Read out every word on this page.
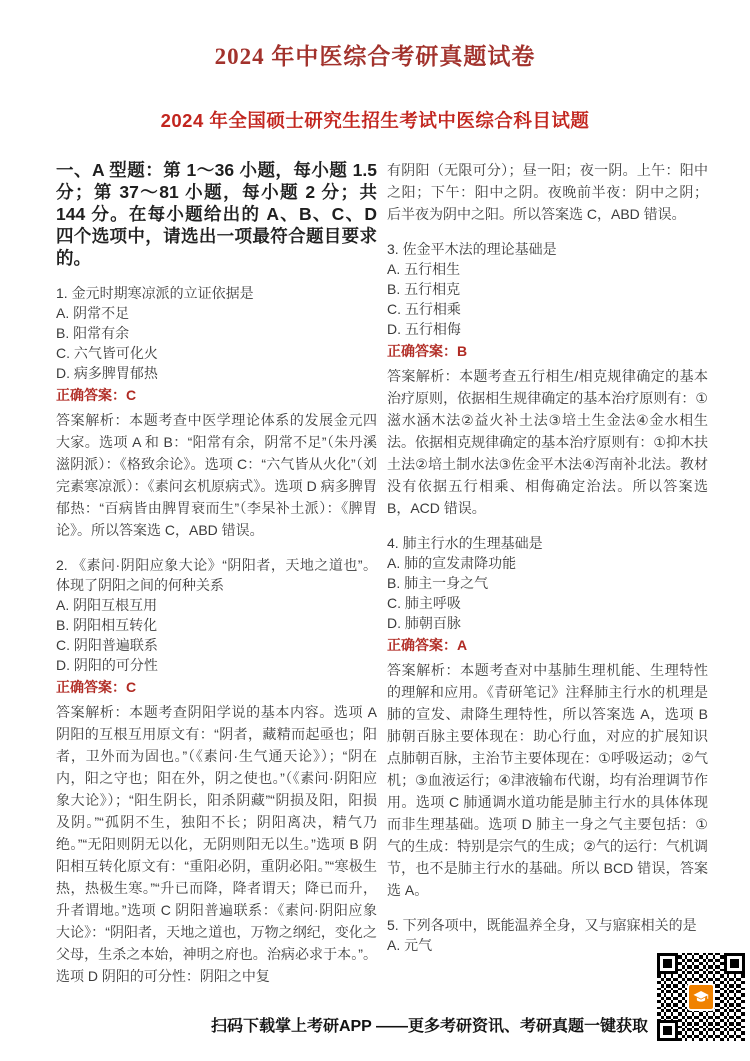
2024 年中医综合考研真题试卷
2024 年全国硕士研究生招生考试中医综合科目试题

一、A 型题：第 1～36 小题，每小题 1.5 分；第 37～81 小题，每小题 2 分；共 144 分。在每小题给出的 A、B、C、D 四个选项中，请选出一项最符合题目要求的。

1. 金元时期寒凉派的立证依据是

A. 阴常不足

B. 阳常有余

C. 六气皆可化火

D. 病多脾胃郁热

正确答案：C

答案解析：本题考查中医学理论体系的发展金元四大家。选项 A 和 B：“阳常有余，阴常不足”（朱丹溪滋阴派）：《格致余论》。选项 C：“六气皆从火化”（刘完素寒凉派）：《素问玄机原病式》。选项 D 病多脾胃郁热：“百病皆由脾胃衰而生”（李杲补土派）：《脾胃论》。所以答案选 C，ABD 错误。

2. 《素问·阴阳应象大论》“阴阳者，天地之道也”。体现了阴阳之间的何种关系

A. 阴阳互根互用

B. 阴阳相互转化

C. 阴阳普遍联系

D. 阴阳的可分性

正确答案：C

答案解析：本题考查阴阳学说的基本内容。选项 A 阴阳的互根互用原文有：“阴者，藏精而起亟也；阳者，卫外而为固也。”（《素问·生气通天论》）；“阴在内，阳之守也；阳在外，阴之使也。”（《素问·阴阳应象大论》）；“阳生阴长，阳杀阴藏”“阴损及阳，阳损及阴。”“孤阴不生，独阳不长；阴阳离决，精气乃绝。”“无阳则阴无以化，无阴则阳无以生。”选项 B 阴阳相互转化原文有：“重阳必阴，重阴必阳。”“寒极生热，热极生寒。”“升已而降，降者谓天；降已而升，升者谓地。”选项 C 阴阳普遍联系：《素问·阴阳应象大论》：“阴阳者，天地之道也，万物之纲纪，变化之父母，生杀之本始，神明之府也。治病必求于本。”。选项 D 阴阳的可分性：阴阳之中复

有阴阳（无限可分）；昼一阳；夜一阴。上午：阳中之阳；下午：阳中之阴。夜晚前半夜：阴中之阴；后半夜为阴中之阳。所以答案选 C，ABD 错误。

3. 佐金平木法的理论基础是

A. 五行相生

B. 五行相克

C. 五行相乘

D. 五行相侮

正确答案：B

答案解析：本题考查五行相生/相克规律确定的基本治疗原则，依据相生规律确定的基本治疗原则有：①滋水涵木法②益火补土法③培土生金法④金水相生法。依据相克规律确定的基本治疗原则有：①抑木扶土法②培土制水法③佐金平木法④泻南补北法。教材没有依据五行相乘、相侮确定治法。所以答案选 B，ACD 错误。

4. 肺主行水的生理基础是

A. 肺的宣发肃降功能

B. 肺主一身之气

C. 肺主呼吸

D. 肺朝百脉

正确答案：A

答案解析：本题考查对中基肺生理机能、生理特性的理解和应用。《青研笔记》注释肺主行水的机理是肺的宣发、肃降生理特性，所以答案选 A，选项 B 肺朝百脉主要体现在：助心行血，对应的扩展知识点肺朝百脉，主治节主要体现在：①呼吸运动；②气机；③血液运行；④津液输布代谢，均有治理调节作用。选项 C 肺通调水道功能是肺主行水的具体体现而非生理基础。选项 D 肺主一身之气主要包括：①气的生成：特别是宗气的生成；②气的运行：气机调节，也不是肺主行水的基础。所以 BCD 错误，答案选 A。

5. 下列各项中，既能温养全身，又与寤寐相关的是

A. 元气

扫码下载掌上考研APP ——更多考研资讯、考研真题一键获取
